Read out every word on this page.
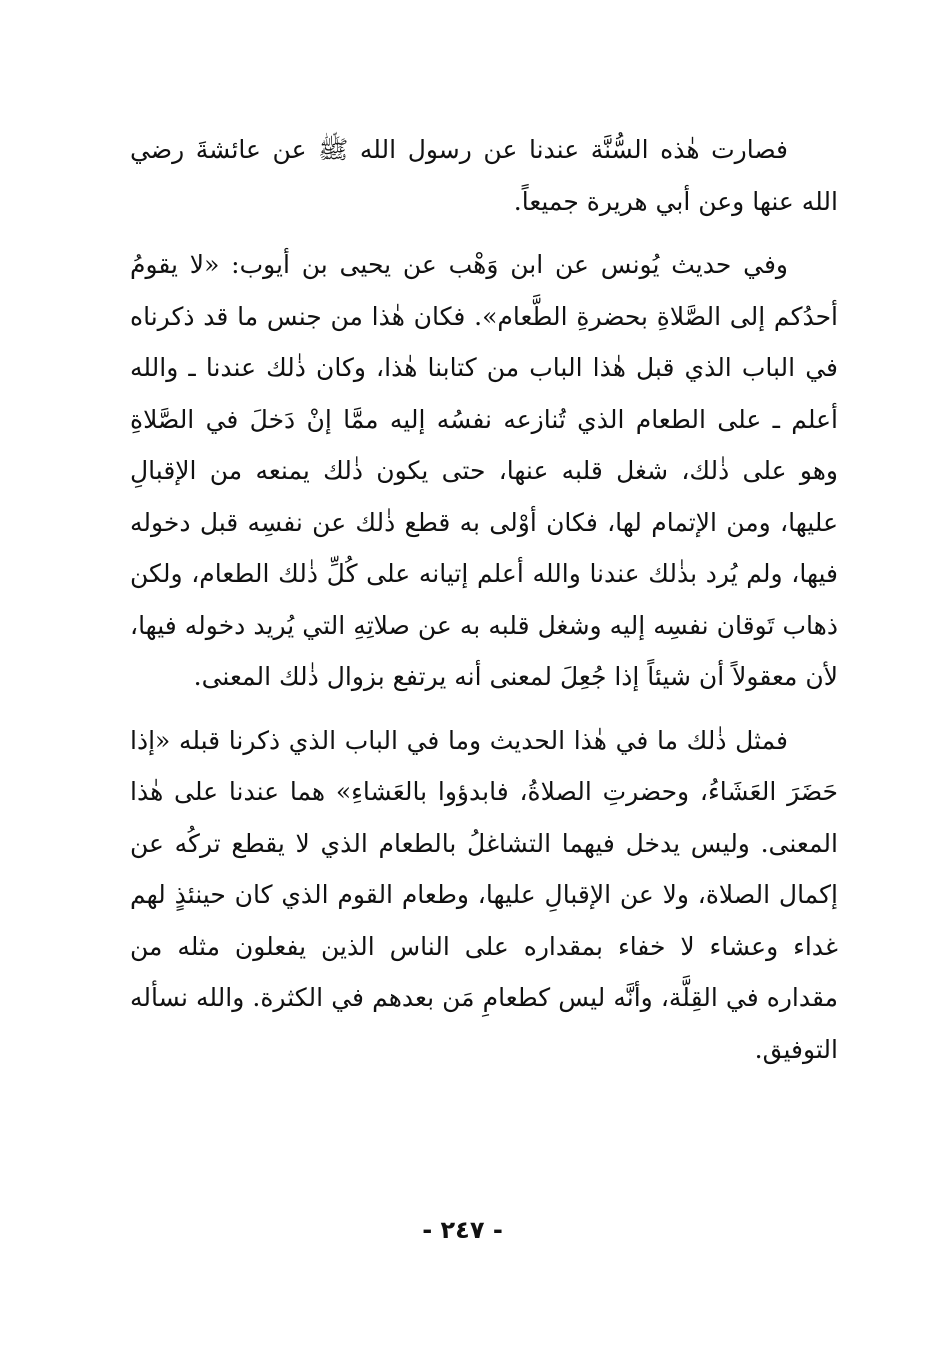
فصارت هٰذه السُّنَّة عندنا عن رسول الله ﷺ عن عائشةَ رضي الله عنها وعن أبي هريرة جميعاً.

وفي حديث يُونس عن ابن وَهْب عن يحيى بن أيوب: «لا يقومُ أحدُكم إلى الصَّلاةِ بحضرةِ الطَّعام». فكان هٰذا من جنس ما قد ذكرناه في الباب الذي قبل هٰذا الباب من كتابنا هٰذا، وكان ذٰلك عندنا ـ والله أعلم ـ على الطعام الذي تُنازعه نفسُه إليه ممَّا إنْ دَخلَ في الصَّلاةِ وهو على ذٰلك، شغل قلبه عنها، حتى يكون ذٰلك يمنعه من الإقبالِ عليها، ومن الإتمام لها، فكان أوْلى به قطع ذٰلك عن نفسِه قبل دخوله فيها، ولم يُرد بذٰلك عندنا والله أعلم إتيانه على كُلِّ ذٰلك الطعام، ولكن ذهاب تَوقان نفسِه إليه وشغل قلبه به عن صلاتِهِ التي يُريد دخوله فيها، لأن معقولاً أن شيئاً إذا جُعِلَ لمعنى أنه يرتفع بزوال ذٰلك المعنى.

فمثل ذٰلك ما في هٰذا الحديث وما في الباب الذي ذكرنا قبله «إذا حَضَرَ العَشَاءُ، وحضرتِ الصلاةُ، فابدؤوا بالعَشاءِ» هما عندنا على هٰذا المعنى. وليس يدخل فيهما التشاغلُ بالطعام الذي لا يقطع تركُه عن إكمال الصلاة، ولا عن الإقبالِ عليها، وطعام القوم الذي كان حينئذٍ لهم غداء وعشاء لا خفاء بمقداره على الناس الذين يفعلون مثله من مقداره في القِلَّة، وأنَّه ليس كطعامِ مَن بعدهم في الكثرة. والله نسأله التوفيق.

- ٢٤٧ -
